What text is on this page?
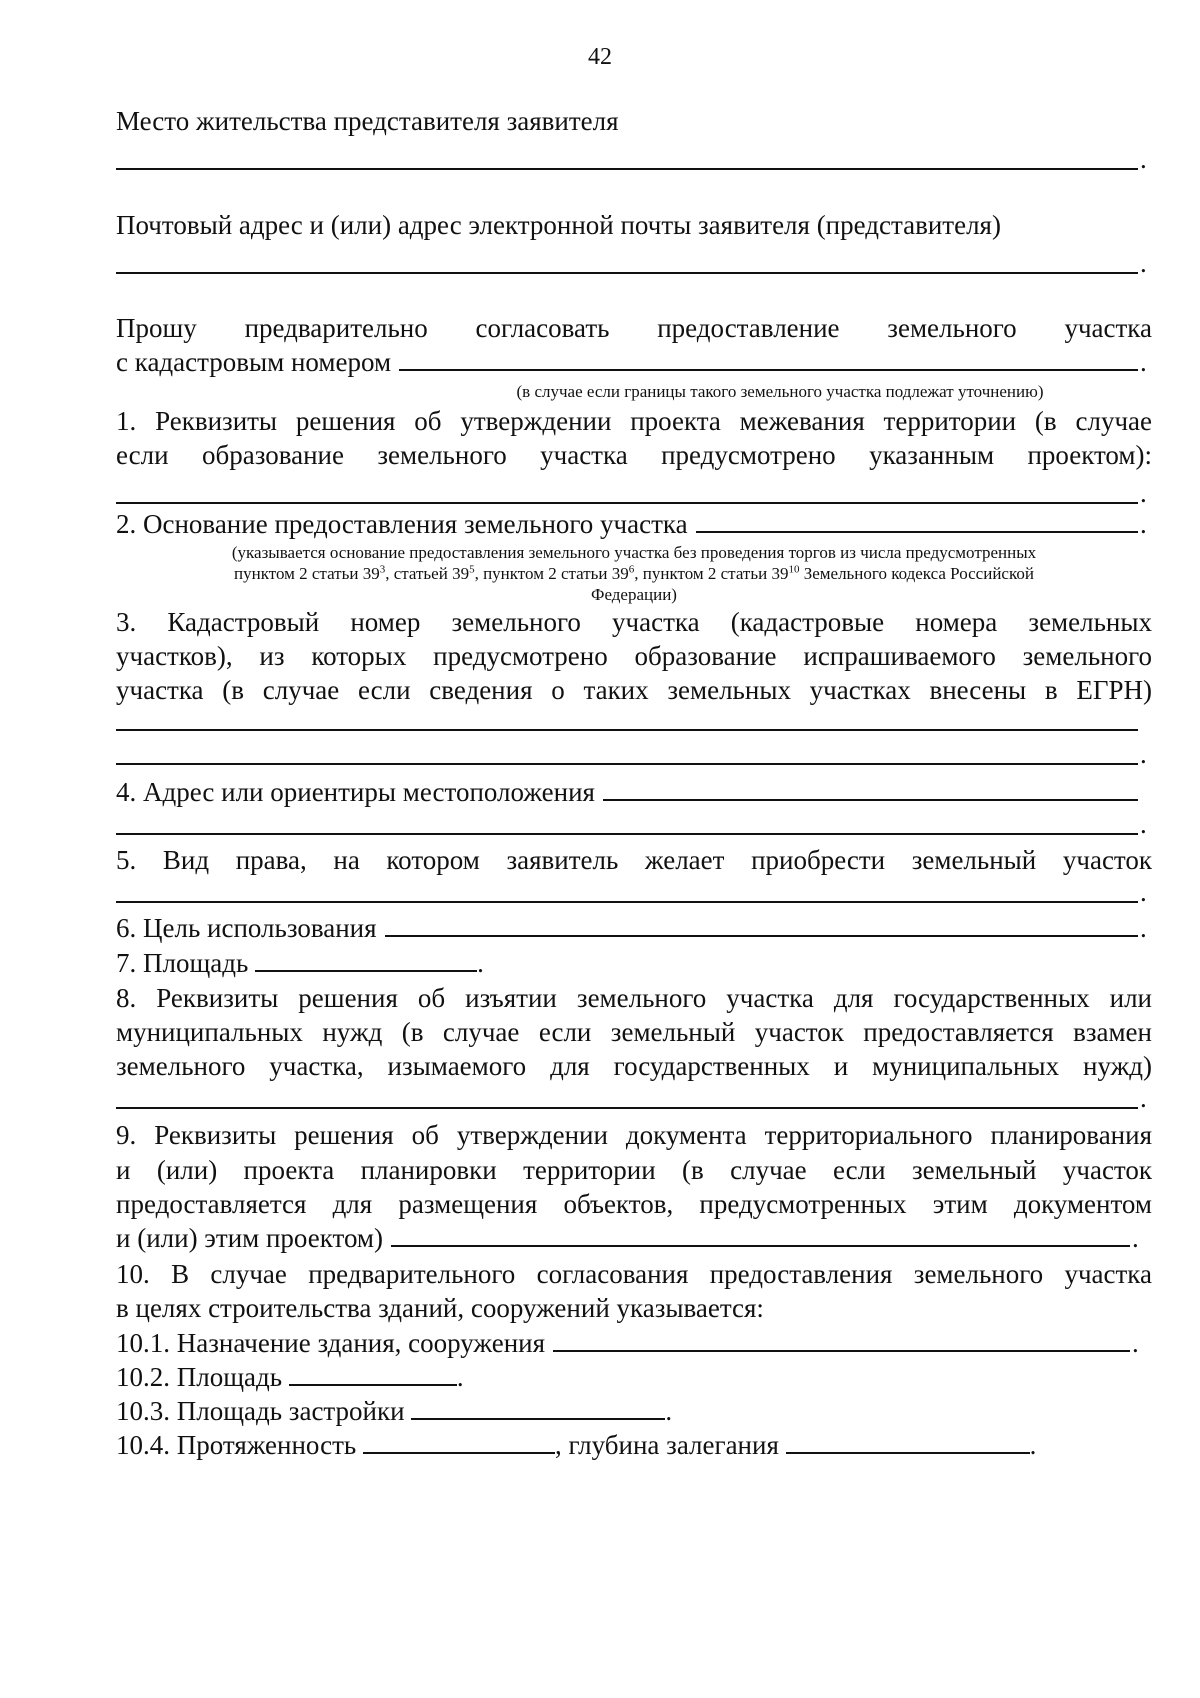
42
Место жительства представителя заявителя
.
Почтовый адрес и (или) адрес электронной почты заявителя (представителя)
.
Прошу предварительно согласовать предоставление земельного участка
с кадастровым номером	.
(в случае если границы такого земельного участка подлежат уточнению)
1. Реквизиты решения об утверждении проекта межевания территории (в случае
если образование земельного участка предусмотрено указанным проектом):
.
2. Основание предоставления земельного участка	.
(указывается основание предоставления земельного участка без проведения торгов из числа предусмотренных
пунктом 2 статьи $39^3$, статьей $39^5$, пунктом 2 статьи $39^6$, пунктом 2 статьи $39^{10}$ Земельного кодекса Российской
Федерации)
3. Кадастровый номер земельного участка (кадастровые номера земельных
участков), из которых предусмотрено образование испрашиваемого земельного
участка (в случае если сведения о таких земельных участках внесены в ЕГРН)
.
4. Адрес или ориентиры местоположения
.
5. Вид права, на котором заявитель желает приобрести земельный участок
.
6. Цель использования	.
7. Площадь	.
8. Реквизиты решения об изъятии земельного участка для государственных или
муниципальных нужд (в случае если земельный участок предоставляется взамен
земельного участка, изымаемого для государственных и муниципальных нужд)
.
9. Реквизиты решения об утверждении документа территориального планирования
и (или) проекта планировки территории (в случае если земельный участок
предоставляется для размещения объектов, предусмотренных этим документом
и (или) этим проектом)	.
10. В случае предварительного согласования предоставления земельного участка
в целях строительства зданий, сооружений указывается:
10.1. Назначение здания, сооружения	.
10.2. Площадь	.
10.3. Площадь застройки	.
10.4. Протяженность	, глубина залегания	.
